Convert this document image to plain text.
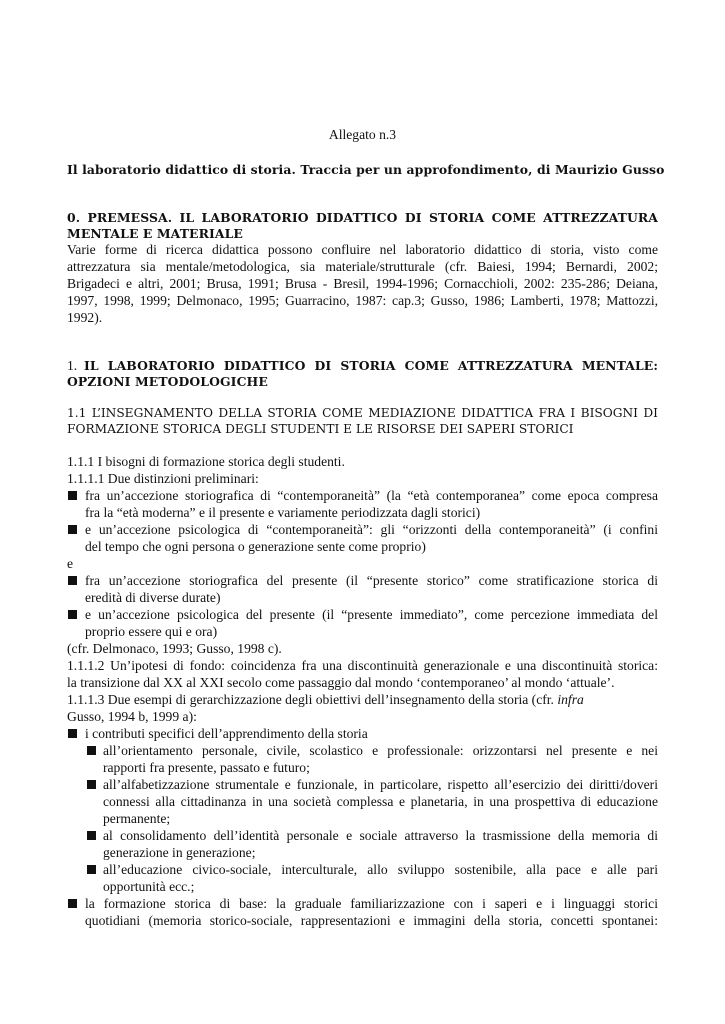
Allegato n.3
Il laboratorio didattico di storia. Traccia per un approfondimento, di Maurizio Gusso
0. PREMESSA. IL LABORATORIO DIDATTICO DI STORIA COME ATTREZZATURA
MENTALE E MATERIALE
Varie forme di ricerca didattica possono confluire nel laboratorio didattico di storia, visto come
attrezzatura sia mentale/metodologica, sia materiale/strutturale (cfr. Baiesi, 1994; Bernardi, 2002;
Brigadeci e altri, 2001; Brusa, 1991; Brusa - Bresil, 1994-1996; Cornacchioli, 2002: 235-286; Deiana,
1997, 1998, 1999; Delmonaco, 1995; Guarracino, 1987: cap.3; Gusso, 1986; Lamberti, 1978; Mattozzi,
1992).
1. IL LABORATORIO DIDATTICO DI STORIA COME ATTREZZATURA MENTALE:
OPZIONI METODOLOGICHE
1.1 L’INSEGNAMENTO DELLA STORIA COME MEDIAZIONE DIDATTICA FRA I BISOGNI DI
FORMAZIONE STORICA DEGLI STUDENTI E LE RISORSE DEI SAPERI STORICI
1.1.1 I bisogni di formazione storica degli studenti.
1.1.1.1 Due distinzioni preliminari:
fra un’accezione storiografica di “contemporaneità” (la “età contemporanea” come epoca compresa
fra la “età moderna” e il presente e variamente periodizzata dagli storici)
e un’accezione psicologica di “contemporaneità”: gli “orizzonti della contemporaneità” (i confini
del tempo che ogni persona o generazione sente come proprio)
e
fra un’accezione storiografica del presente (il “presente storico” come stratificazione storica di
eredità di diverse durate)
e un’accezione psicologica del presente (il “presente immediato”, come percezione immediata del
proprio essere qui e ora)
(cfr. Delmonaco, 1993; Gusso, 1998 c).
1.1.1.2 Un’ipotesi di fondo: coincidenza fra una discontinuità generazionale e una discontinuità storica:
la transizione dal XX al XXI secolo come passaggio dal mondo ‘contemporaneo’ al mondo ‘attuale’.
1.1.1.3 Due esempi di gerarchizzazione degli obiettivi dell’insegnamento della storia (cfr. infra
Gusso, 1994 b, 1999 a):
i contributi specifici dell’apprendimento della storia
all’orientamento personale, civile, scolastico e professionale: orizzontarsi nel presente e nei
rapporti fra presente, passato e futuro;
all’alfabetizzazione strumentale e funzionale, in particolare, rispetto all’esercizio dei diritti/doveri
connessi alla cittadinanza in una società complessa e planetaria, in una prospettiva di educazione
permanente;
al consolidamento dell’identità personale e sociale attraverso la trasmissione della memoria di
generazione in generazione;
all’educazione civico-sociale, interculturale, allo sviluppo sostenibile, alla pace e alle pari
opportunità ecc.;
la formazione storica di base: la graduale familiarizzazione con i saperi e i linguaggi storici
quotidiani (memoria storico-sociale, rappresentazioni e immagini della storia, concetti spontanei:
